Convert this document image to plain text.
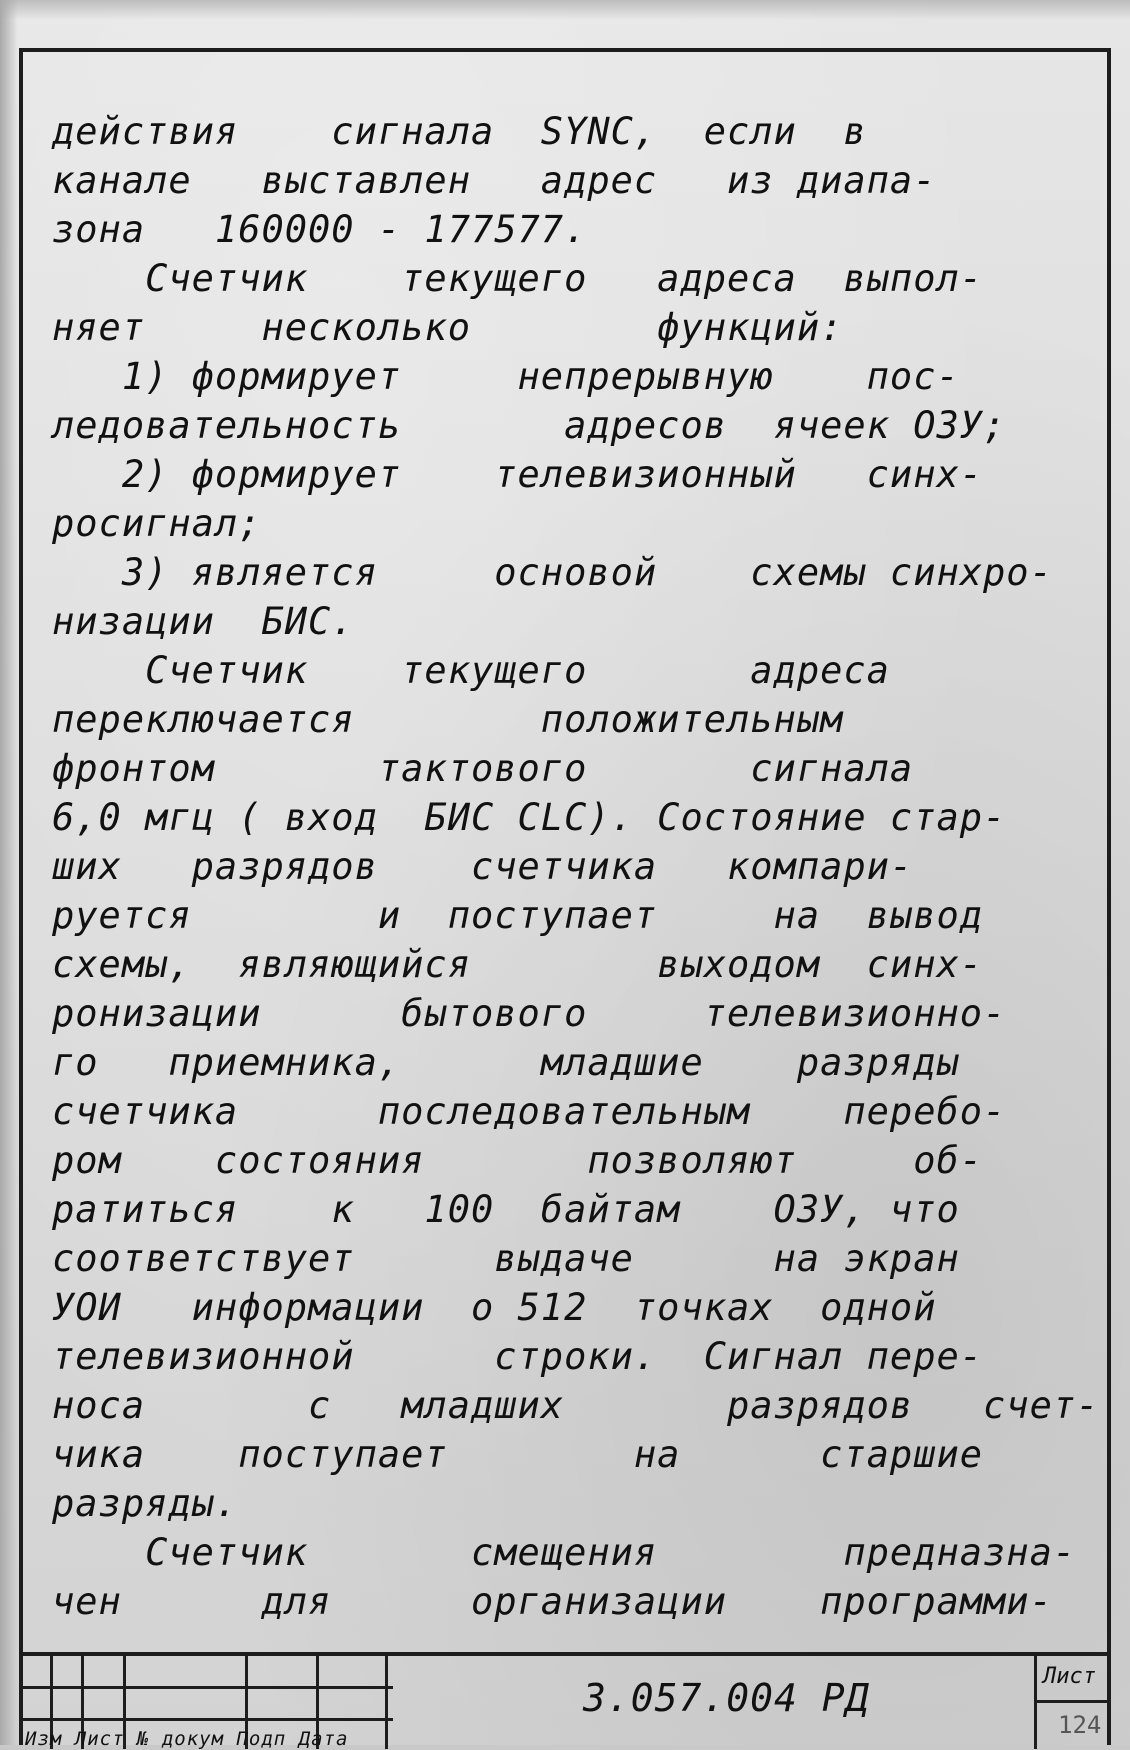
действия    сигнала  SYNC,  если  в
канале   выставлен   адрес   из диапа-
зона   160000 - 177577.
Счетчик    текущего   адреса  выпол-
няет     несколько        функций:
1) формирует     непрерывную    пос-
ледовательность       адресов  ячеек ОЗУ;
2) формирует    телевизионный   синх-
росигнал;
3) является     основой    схемы синхро-
низации  БИС.
Счетчик    текущего       адреса
переключается        положительным
фронтом       тактового       сигнала
6,0 мгц ( вход  БИС CLC). Состояние стар-
ших   разрядов    счетчика   компари-
руется        и  поступает     на  вывод
схемы,  являющийся        выходом  синх-
ронизации      бытового     телевизионно-
го   приемника,      младшие    разряды
счетчика      последовательным    перебо-
ром    состояния       позволяют     об-
ратиться    к   100  байтам    ОЗУ, что
соответствует      выдаче      на экран
УОИ   информации  о 512  точках  одной
телевизионной      строки.  Сигнал пере-
носа       с   младших       разрядов   счет-
чика    поступает        на      старшие
разряды.
Счетчик       смещения        предназна-
чен      для      организации    программи-
Изм Лист № докум Подп Дата
3.057.004 РД	Лист
124
